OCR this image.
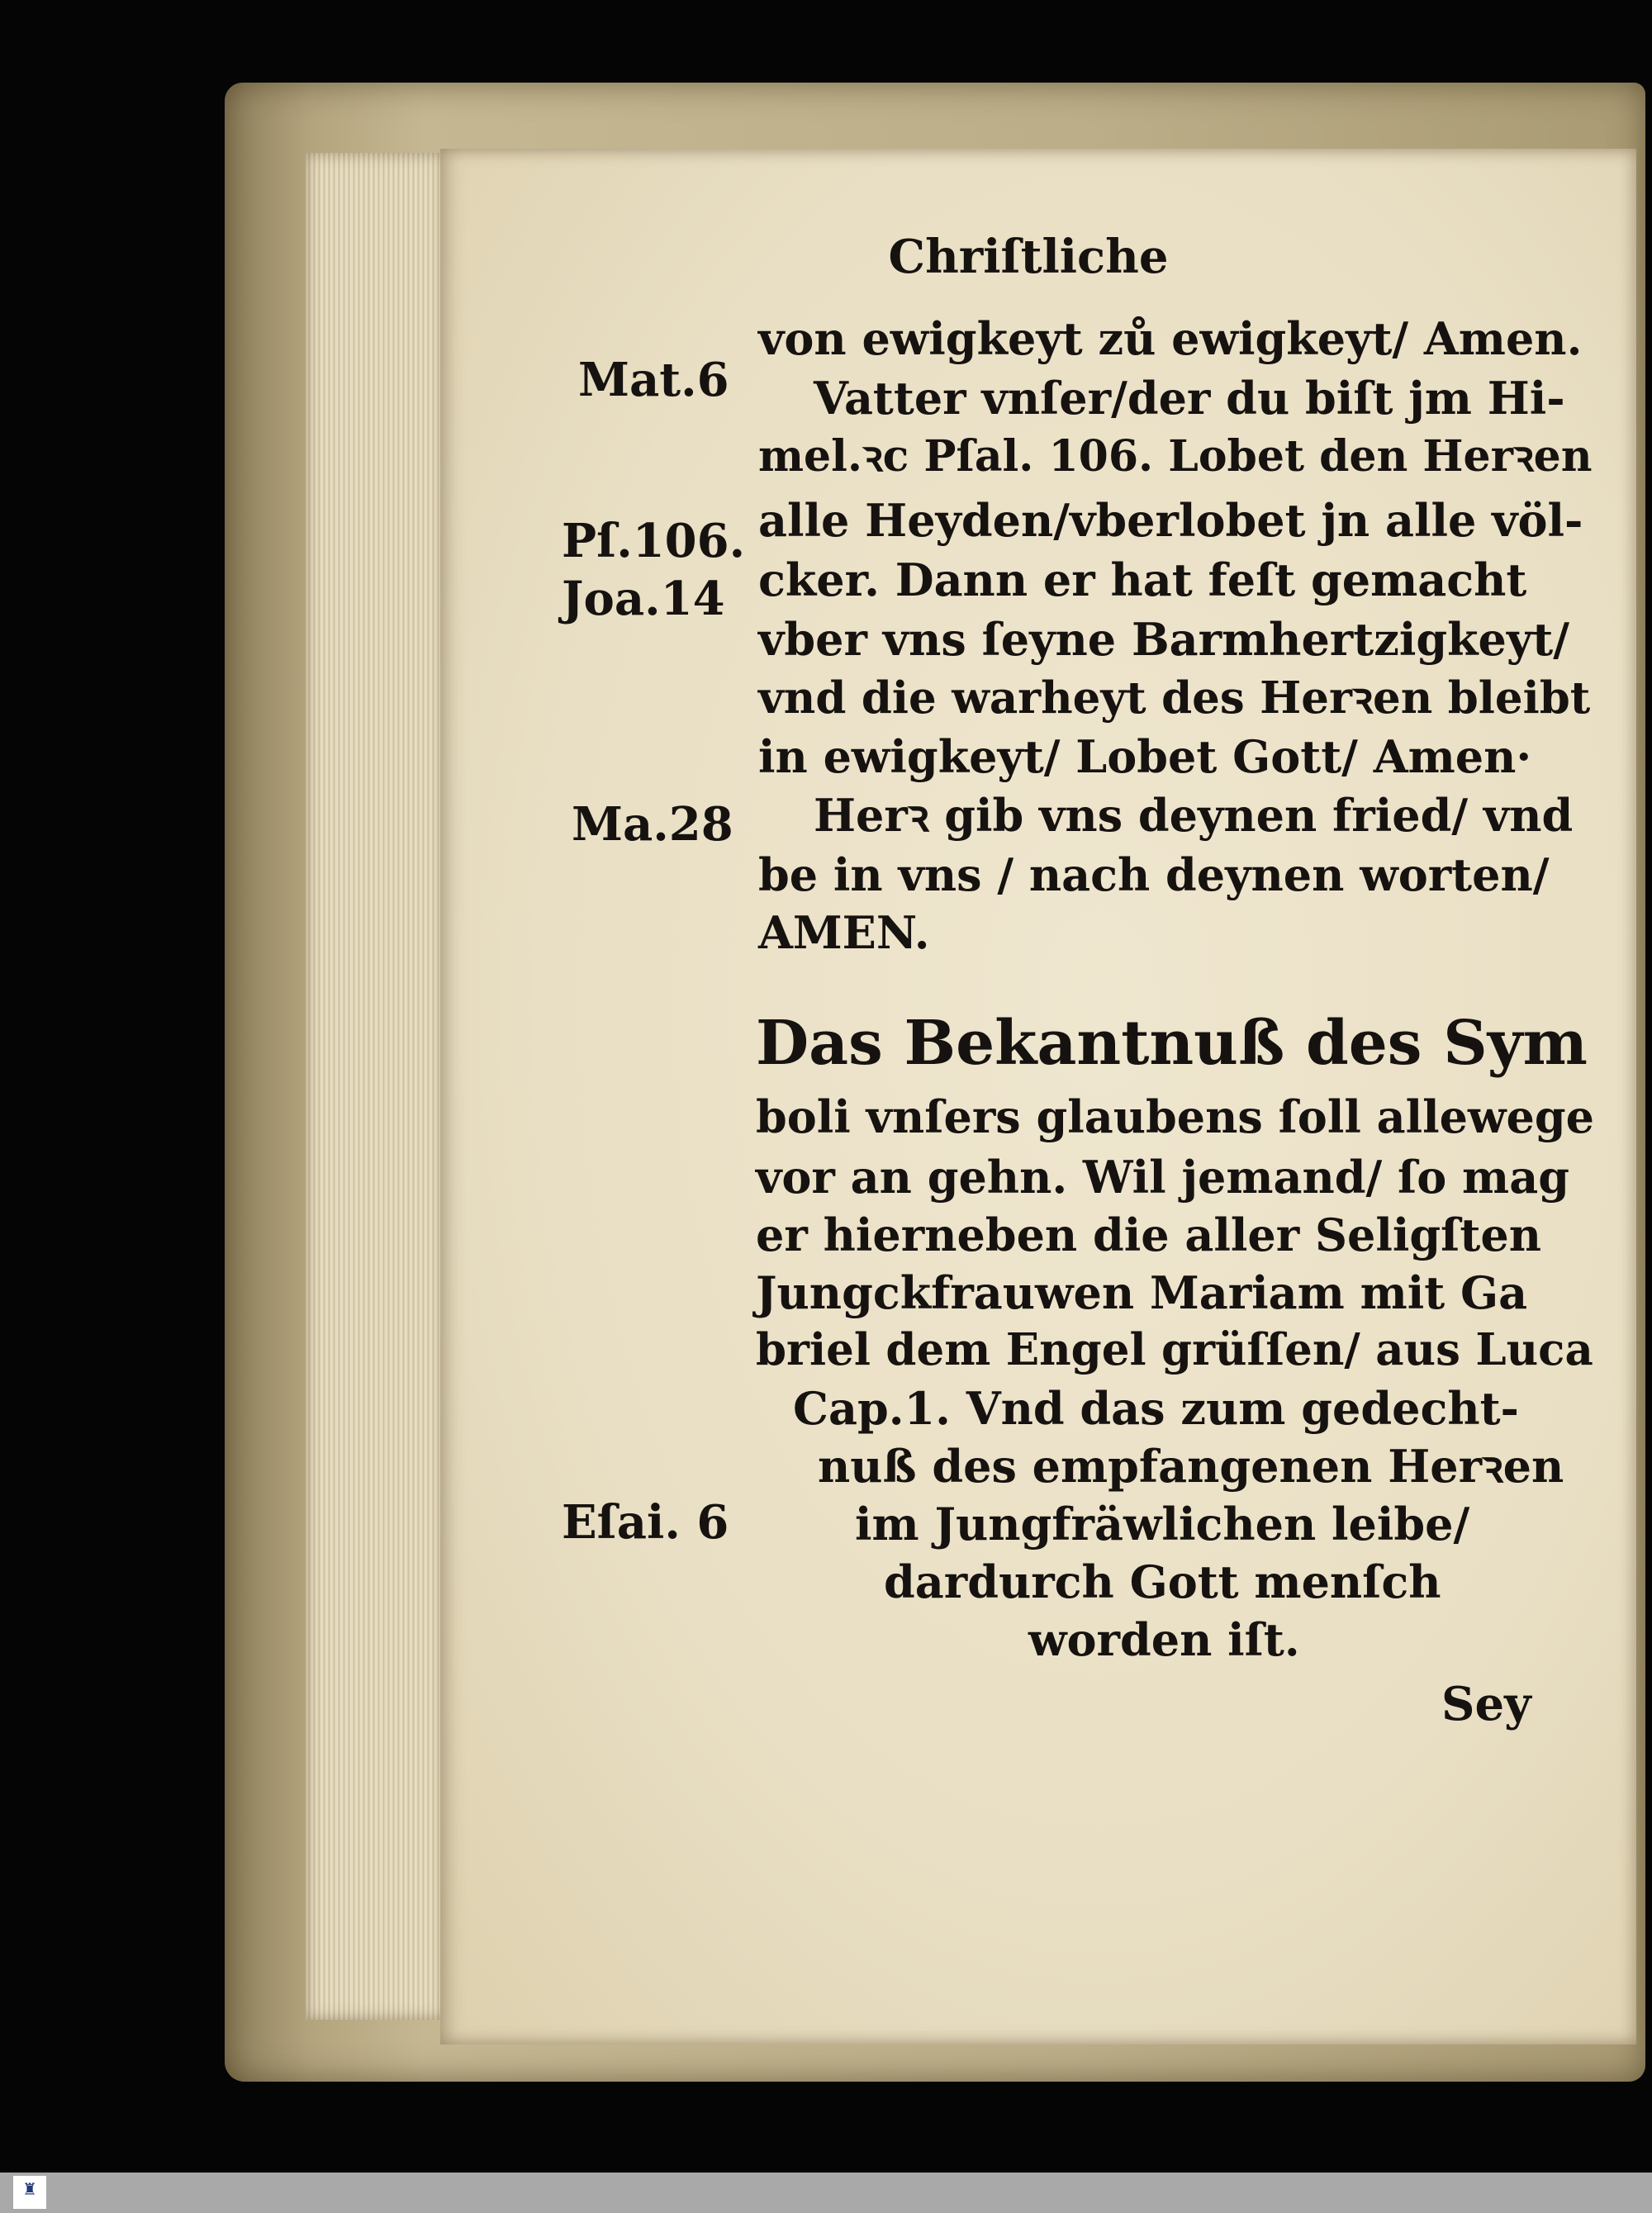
Chriſtliche
Mat.6
Pſ.106.
Joa.14
Ma.28
Eſai. 6
von ewigkeyt zů ewigkeyt/ Amen.
Vatter vnſer/der du biſt jm Hi-
mel.ꝛc Pſal. 106. Lobet den Herꝛen
alle Heyden/vberlobet jn alle völ-
cker. Dann er hat feſt gemacht
vber vns ſeyne Barmhertzigkeyt/
vnd die warheyt des Herꝛen bleibt
in ewigkeyt/ Lobet Gott/ Amen·
Herꝛ gib vns deynen fried/ vnd
be in vns / nach deynen worten/
AMEN.
Das Bekantnuß des Sym
boli vnſers glaubens ſoll allewege
vor an gehn. Wil jemand/ ſo mag
er hierneben die aller Seligſten
Jungckfrauwen Mariam mit Ga
briel dem Engel grüſſen/ aus Luca
Cap.1. Vnd das zum gedecht-
nuß des empfangenen Herꝛen
im Jungfräwlichen leibe/
dardurch Gott menſch
worden iſt.
Sey
♜
